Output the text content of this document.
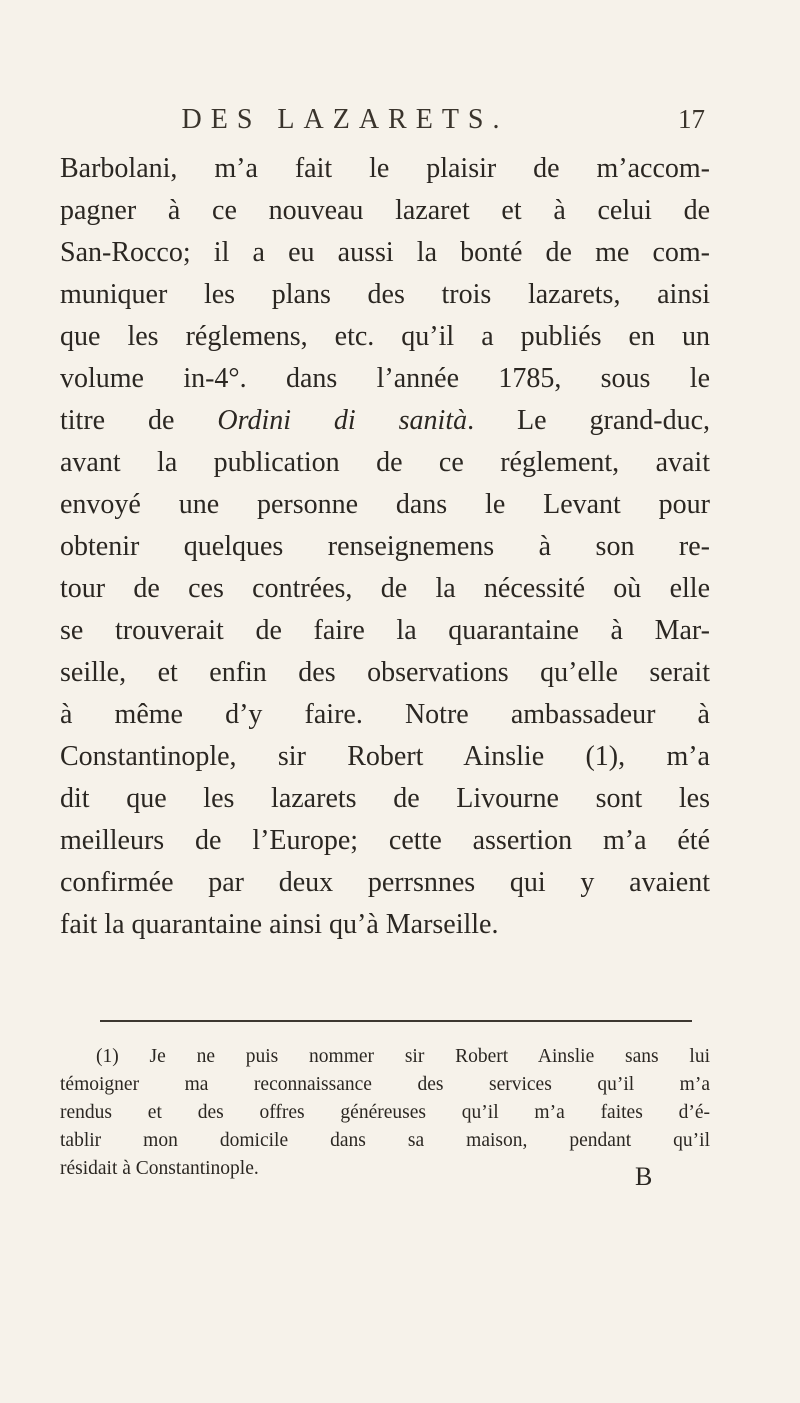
DES LAZARETS.	17
Barbolani, m’a fait le plaisir de m’accom-
pagner à ce nouveau lazaret et à celui de
San-Rocco; il a eu aussi la bonté de me com-
muniquer les plans des trois lazarets, ainsi
que les réglemens, etc. qu’il a publiés en un
volume in-4°. dans l’année 1785, sous le
titre de Ordini di sanità. Le grand-duc,
avant la publication de ce réglement, avait
envoyé une personne dans le Levant pour
obtenir quelques renseignemens à son re-
tour de ces contrées, de la nécessité où elle
se trouverait de faire la quarantaine à Mar-
seille, et enfin des observations qu’elle serait
à même d’y faire. Notre ambassadeur à
Constantinople, sir Robert Ainslie (1), m’a
dit que les lazarets de Livourne sont les
meilleurs de l’Europe; cette assertion m’a été
confirmée par deux perrsnnes qui y avaient
fait la quarantaine ainsi qu’à Marseille.
(1) Je ne puis nommer sir Robert Ainslie sans lui
témoigner ma reconnaissance des services qu’il m’a
rendus et des offres généreuses qu’il m’a faites d’é-
tablir mon domicile dans sa maison, pendant qu’il
résidait à Constantinople.	B
